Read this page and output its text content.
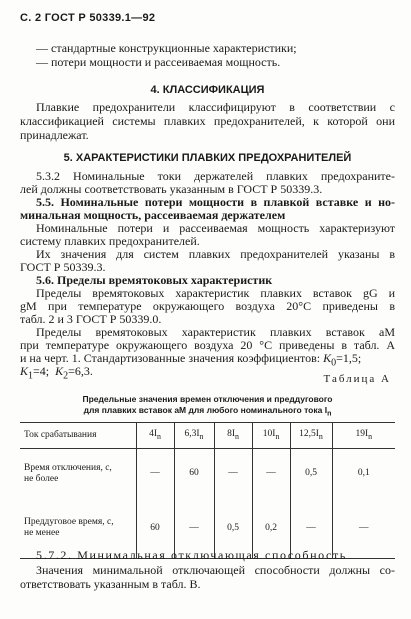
С. 2 ГОСТ Р 50339.1—92
— стандартные конструкционные характеристики;
— потери мощности и рассеиваемая мощность.
4. КЛАССИФИКАЦИЯ
Плавкие предохранители классифицируют в соответствии с
классификацией системы плавких предохранителей, к которой они
принадлежат.
5. ХАРАКТЕРИСТИКИ ПЛАВКИХ ПРЕДОХРАНИТЕЛЕЙ
5.3.2 Номинальные токи держателей плавких предохраните-
лей должны соответствовать указанным в ГОСТ Р 50339.3.
5.5. Номинальные потери мощности в плавкой вставке и но-
минальная мощность, рассеиваемая держателем
Номинальные потери и рассеиваемая мощность характеризуют
систему плавких предохранителей.
Их значения для систем плавких предохранителей указаны в
ГОСТ Р 50339.3.
5.6. Пределы времятоковых характеристик
Пределы времятоковых характеристик плавких вставок gG и
gM при температуре окружающего воздуха 20°С приведены в
табл. 2 и 3 ГОСТ Р 50339.0.
Пределы времятоковых характеристик плавких вставок aM
при температуре окружающего воздуха 20 °С приведены в табл. А
и на черт. 1. Стандартизованные значения коэффициентов: $K_0=1,5$;
$K_1=4$; $K_2=6,3$.
Таблица А
Предельные значения времен отключения и преддугового
для плавких вставок aM для любого номинального тока $I_n$
Ток срабатывания	$4I_n$	$6,3I_n$	$8I_n$	$10I_n$	$12,5I_n$	$19I_n$

Время отключения, с,
не более	—	60	—	—	0,5	0,1

Преддуговое время, с,
не менее	60	—	0,5	0,2	—	—
5.7.2. Минимальная отключающая способность
Значения минимальной отключающей способности должны со-
ответствовать указанным в табл. В.
